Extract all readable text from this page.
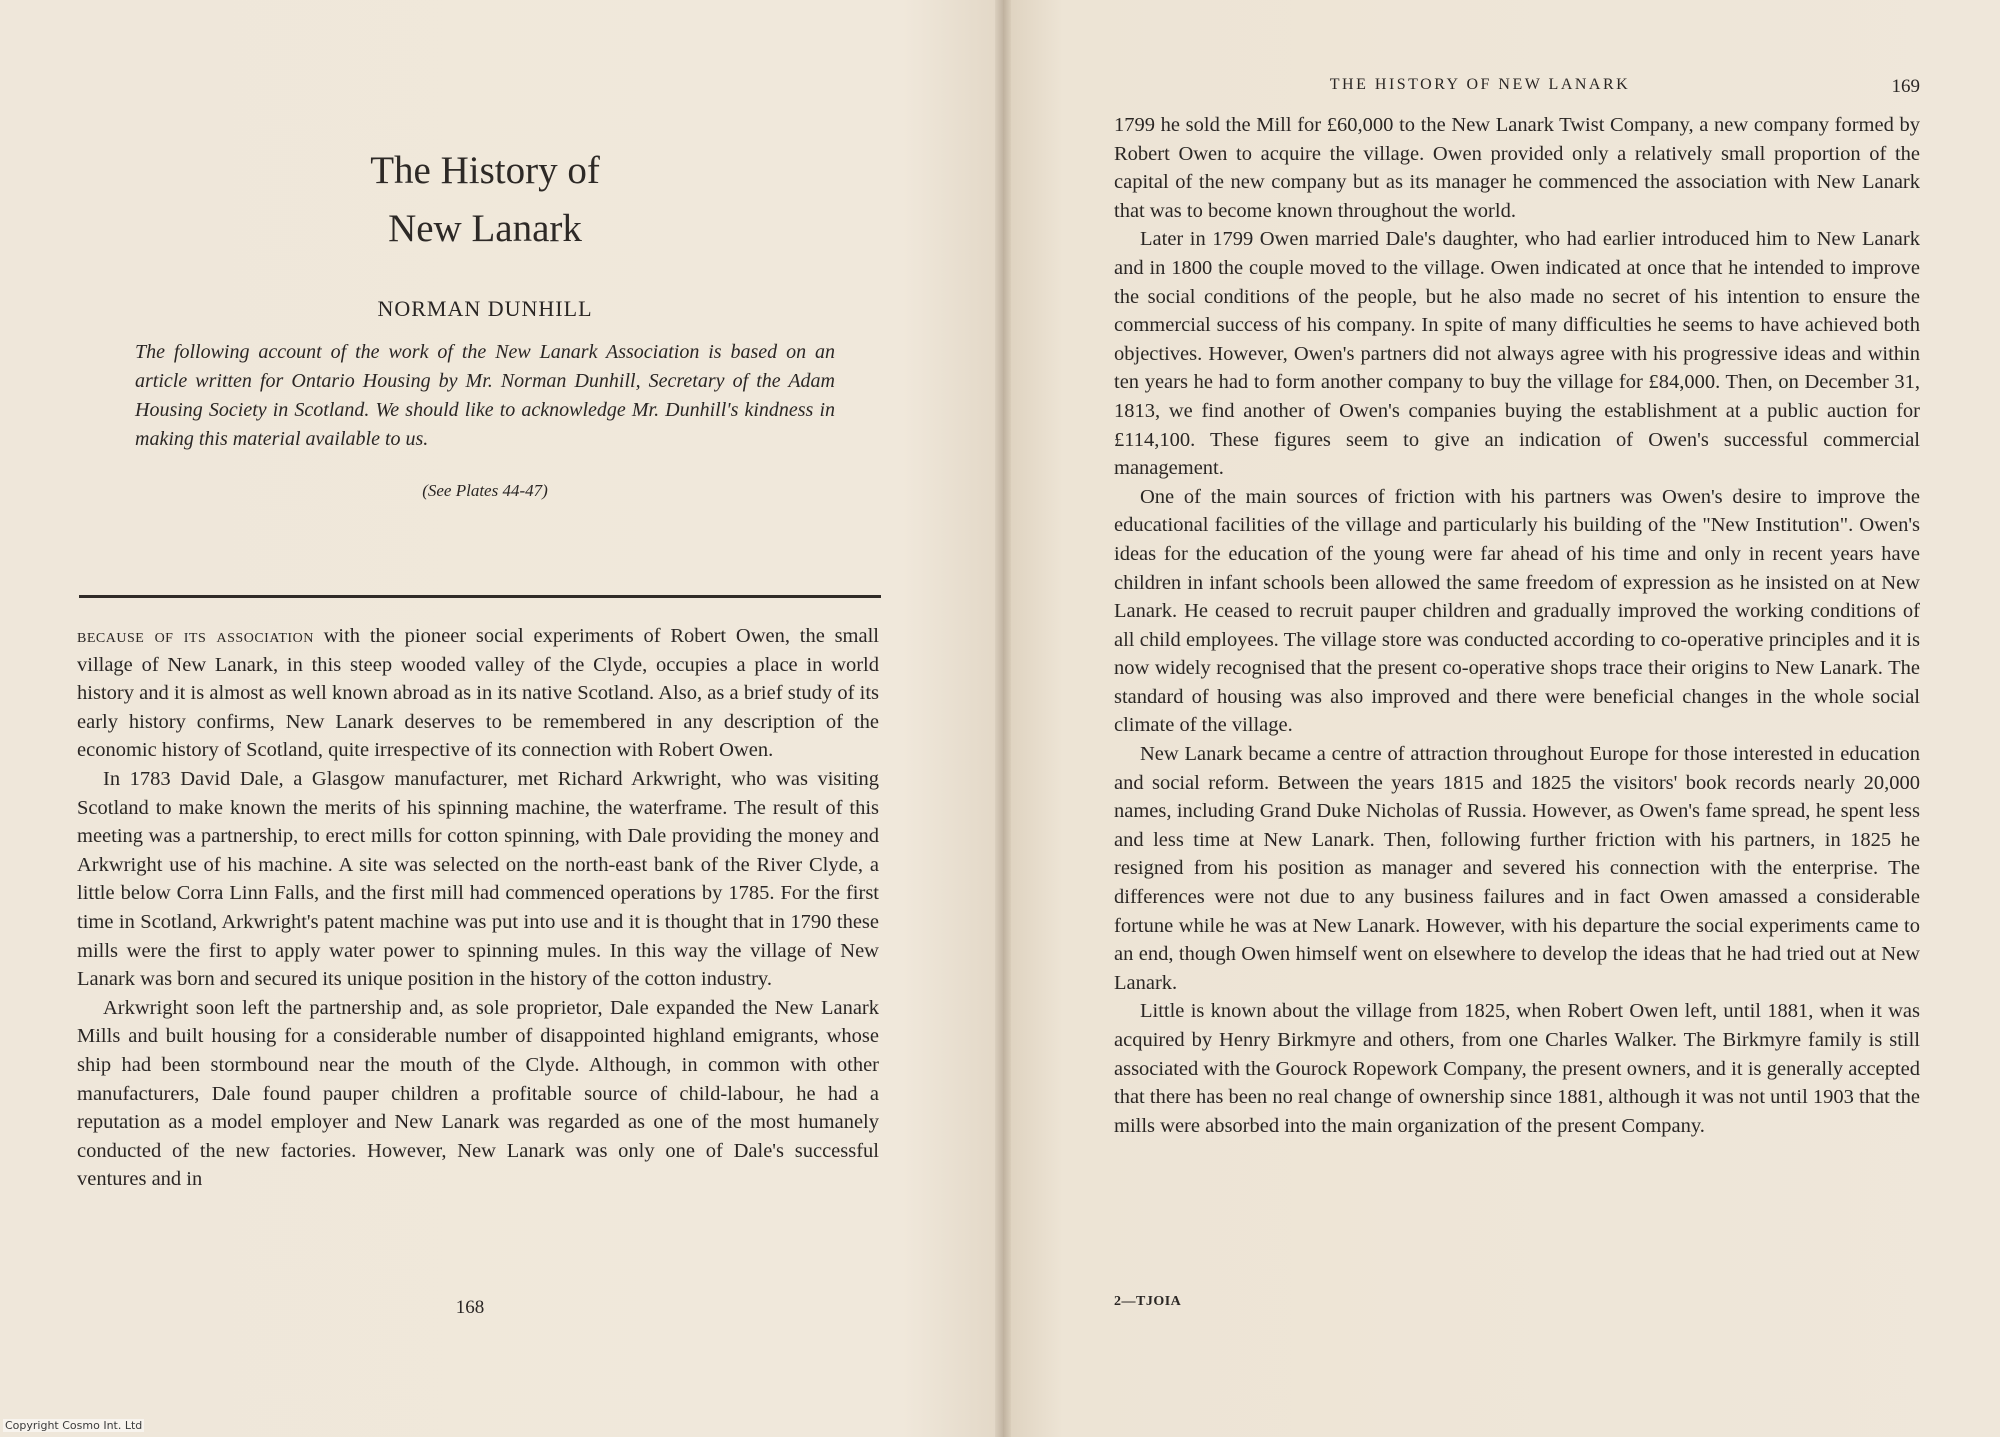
The History of
New Lanark
NORMAN DUNHILL

The following account of the work of the New Lanark Association is based on an article written for Ontario Housing by Mr. Norman Dunhill, Secretary of the Adam Housing Society in Scotland. We should like to acknowledge Mr. Dunhill's kindness in making this material available to us.

(See Plates 44-47)

because of its association with the pioneer social experiments of Robert Owen, the small village of New Lanark, in this steep wooded valley of the Clyde, occupies a place in world history and it is almost as well known abroad as in its native Scotland. Also, as a brief study of its early history confirms, New Lanark deserves to be remembered in any description of the economic history of Scotland, quite irrespective of its connection with Robert Owen.

In 1783 David Dale, a Glasgow manufacturer, met Richard Arkwright, who was visiting Scotland to make known the merits of his spinning machine, the waterframe. The result of this meeting was a partnership, to erect mills for cotton spinning, with Dale providing the money and Arkwright use of his machine. A site was selected on the north-east bank of the River Clyde, a little below Corra Linn Falls, and the first mill had commenced operations by 1785. For the first time in Scotland, Arkwright's patent machine was put into use and it is thought that in 1790 these mills were the first to apply water power to spinning mules. In this way the village of New Lanark was born and secured its unique position in the history of the cotton industry.

Arkwright soon left the partnership and, as sole proprietor, Dale expanded the New Lanark Mills and built housing for a considerable number of disappointed highland emigrants, whose ship had been stormbound near the mouth of the Clyde. Although, in common with other manufacturers, Dale found pauper children a profitable source of child-labour, he had a reputation as a model employer and New Lanark was regarded as one of the most humanely conducted of the new factories. However, New Lanark was only one of Dale's successful ventures and in

168
THE HISTORY OF NEW LANARK	169

1799 he sold the Mill for £60,000 to the New Lanark Twist Company, a new company formed by Robert Owen to acquire the village. Owen provided only a relatively small proportion of the capital of the new company but as its manager he commenced the association with New Lanark that was to become known throughout the world.

Later in 1799 Owen married Dale's daughter, who had earlier introduced him to New Lanark and in 1800 the couple moved to the village. Owen indicated at once that he intended to improve the social conditions of the people, but he also made no secret of his intention to ensure the commercial success of his company. In spite of many difficulties he seems to have achieved both objectives. However, Owen's partners did not always agree with his progressive ideas and within ten years he had to form another company to buy the village for £84,000. Then, on December 31, 1813, we find another of Owen's companies buying the establishment at a public auction for £114,100. These figures seem to give an indication of Owen's successful commercial management.

One of the main sources of friction with his partners was Owen's desire to improve the educational facilities of the village and particularly his building of the "New Institution". Owen's ideas for the education of the young were far ahead of his time and only in recent years have children in infant schools been allowed the same freedom of expression as he insisted on at New Lanark. He ceased to recruit pauper children and gradually improved the working conditions of all child employees. The village store was conducted according to co-operative principles and it is now widely recognised that the present co-operative shops trace their origins to New Lanark. The standard of housing was also improved and there were beneficial changes in the whole social climate of the village.

New Lanark became a centre of attraction throughout Europe for those interested in education and social reform. Between the years 1815 and 1825 the visitors' book records nearly 20,000 names, including Grand Duke Nicholas of Russia. However, as Owen's fame spread, he spent less and less time at New Lanark. Then, following further friction with his partners, in 1825 he resigned from his position as manager and severed his connection with the enterprise. The differences were not due to any business failures and in fact Owen amassed a considerable fortune while he was at New Lanark. However, with his departure the social experiments came to an end, though Owen himself went on elsewhere to develop the ideas that he had tried out at New Lanark.

Little is known about the village from 1825, when Robert Owen left, until 1881, when it was acquired by Henry Birkmyre and others, from one Charles Walker. The Birkmyre family is still associated with the Gourock Ropework Company, the present owners, and it is generally accepted that there has been no real change of ownership since 1881, although it was not until 1903 that the mills were absorbed into the main organization of the present Company.

2—TJOIA
Copyright Cosmo Int. Ltd
